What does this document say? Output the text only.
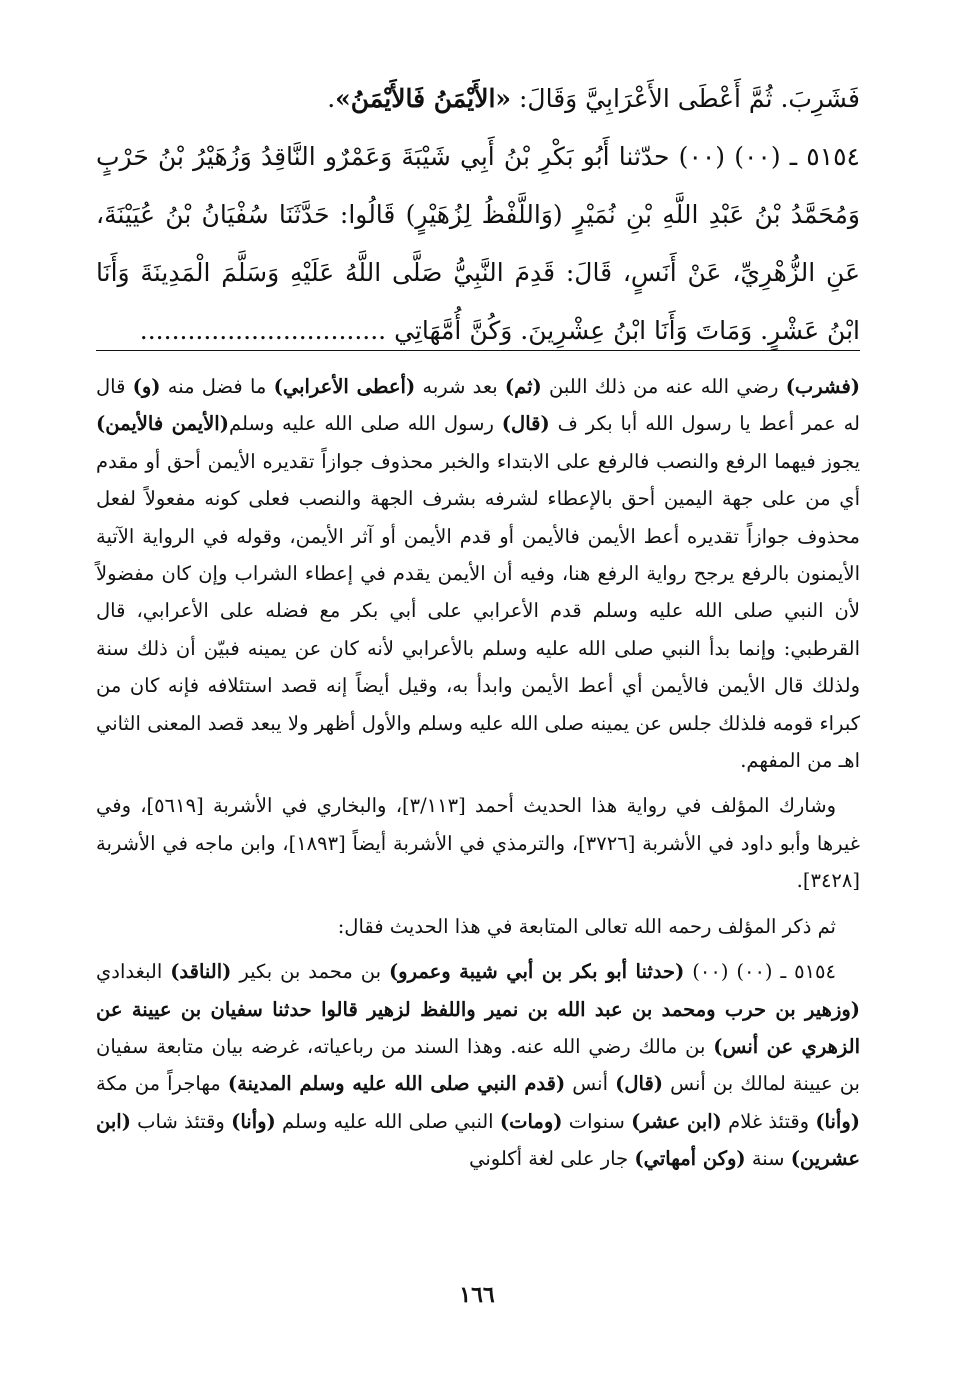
فَشَرِبَ. ثُمَّ أَعْطَى الأَعْرَابِيَّ وَقَالَ: «الأَيْمَنُ فَالأَيْمَنُ».

٥١٥٤ ـ (٠٠) (٠٠) حدّثنا أَبُو بَكْرِ بْنُ أَبِي شَيْبَةَ وَعَمْرٌو النَّاقِدُ وَزُهَيْرُ بْنُ حَرْبٍ وَمُحَمَّدُ بْنُ عَبْدِ اللَّهِ بْنِ نُمَيْرٍ (وَاللَّفْظُ لِزُهَيْرٍ) قَالُوا: حَدَّثَنَا سُفْيَانُ بْنُ عُيَيْنَةَ، عَنِ الزُّهْرِيِّ، عَنْ أَنَسٍ، قَالَ: قَدِمَ النَّبِيُّ صَلَّى اللَّهُ عَلَيْهِ وَسَلَّمَ الْمَدِينَةَ وَأَنَا ابْنُ عَشْرٍ. وَمَاتَ وَأَنَا ابْنُ عِشْرِينَ. وَكُنَّ أُمَّهَاتِي ...............................

(فشرب) رضي الله عنه من ذلك اللبن (ثم) بعد شربه (أعطى الأعرابي) ما فضل منه (و) قال له عمر أعط يا رسول الله أبا بكر ف (قال) رسول الله صلى الله عليه وسلم(الأيمن فالأيمن) يجوز فيهما الرفع والنصب فالرفع على الابتداء والخبر محذوف جوازاً تقديره الأيمن أحق أو مقدم أي من على جهة اليمين أحق بالإعطاء لشرفه بشرف الجهة والنصب فعلى كونه مفعولاً لفعل محذوف جوازاً تقديره أعط الأيمن فالأيمن أو قدم الأيمن أو آثر الأيمن، وقوله في الرواية الآتية الأيمنون بالرفع يرجح رواية الرفع هنا، وفيه أن الأيمن يقدم في إعطاء الشراب وإن كان مفضولاً لأن النبي صلى الله عليه وسلم قدم الأعرابي على أبي بكر مع فضله على الأعرابي، قال القرطبي: وإنما بدأ النبي صلى الله عليه وسلم بالأعرابي لأنه كان عن يمينه فبيّن أن ذلك سنة ولذلك قال الأيمن فالأيمن أي أعط الأيمن وابدأ به، وقيل أيضاً إنه قصد استئلافه فإنه كان من كبراء قومه فلذلك جلس عن يمينه صلى الله عليه وسلم والأول أظهر ولا يبعد قصد المعنى الثاني اهـ من المفهم.

وشارك المؤلف في رواية هذا الحديث أحمد [٣/١١٣]، والبخاري في الأشربة [٥٦١٩]، وفي غيرها وأبو داود في الأشربة [٣٧٢٦]، والترمذي في الأشربة أيضاً [١٨٩٣]، وابن ماجه في الأشربة [٣٤٢٨].

ثم ذكر المؤلف رحمه الله تعالى المتابعة في هذا الحديث فقال:

٥١٥٤ ـ (٠٠) (٠٠) (حدثنا أبو بكر بن أبي شيبة وعمرو) بن محمد بن بكير (الناقد) البغدادي (وزهير بن حرب ومحمد بن عبد الله بن نمير واللفظ لزهير قالوا حدثنا سفيان بن عيينة عن الزهري عن أنس) بن مالك رضي الله عنه. وهذا السند من رباعياته، غرضه بيان متابعة سفيان بن عيينة لمالك بن أنس (قال) أنس (قدم النبي صلى الله عليه وسلم المدينة) مهاجراً من مكة (وأنا) وقتئذ غلام (ابن عشر) سنوات (ومات) النبي صلى الله عليه وسلم (وأنا) وقتئذ شاب (ابن عشرين) سنة (وكن أمهاتي) جار على لغة أكلوني

١٦٦
